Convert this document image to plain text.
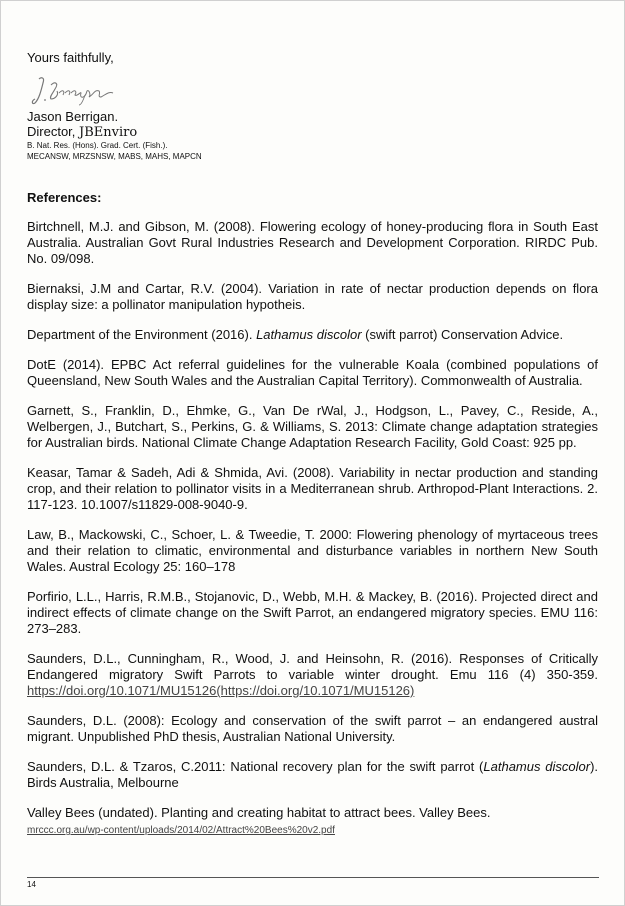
Yours faithfully,

Jason Berrigan.
Director, JBEnviro
B. Nat. Res. (Hons). Grad. Cert. (Fish.).
MECANSW, MRZSNSW, MABS, MAHS, MAPCN
References:

Birtchnell, M.J. and Gibson, M. (2008). Flowering ecology of honey-producing flora in South East Australia. Australian Govt Rural Industries Research and Development Corporation. RIRDC Pub. No. 09/098.

Biernaksi, J.M and Cartar, R.V. (2004). Variation in rate of nectar production depends on flora display size: a pollinator manipulation hypotheis.

Department of the Environment (2016). Lathamus discolor (swift parrot) Conservation Advice.

DotE (2014). EPBC Act referral guidelines for the vulnerable Koala (combined populations of Queensland, New South Wales and the Australian Capital Territory). Commonwealth of Australia.

Garnett, S., Franklin, D., Ehmke, G., Van De rWal, J., Hodgson, L., Pavey, C., Reside, A., Welbergen, J., Butchart, S., Perkins, G. & Williams, S. 2013: Climate change adaptation strategies for Australian birds. National Climate Change Adaptation Research Facility, Gold Coast: 925 pp.

Keasar, Tamar & Sadeh, Adi & Shmida, Avi. (2008). Variability in nectar production and standing crop, and their relation to pollinator visits in a Mediterranean shrub. Arthropod-Plant Interactions. 2. 117-123. 10.1007/s11829-008-9040-9.

Law, B., Mackowski, C., Schoer, L. & Tweedie, T. 2000: Flowering phenology of myrtaceous trees and their relation to climatic, environmental and disturbance variables in northern New South Wales. Austral Ecology 25: 160–178

Porfirio, L.L., Harris, R.M.B., Stojanovic, D., Webb, M.H. & Mackey, B. (2016). Projected direct and indirect effects of climate change on the Swift Parrot, an endangered migratory species. EMU 116: 273–283.

Saunders, D.L., Cunningham, R., Wood, J. and Heinsohn, R. (2016). Responses of Critically Endangered migratory Swift Parrots to variable winter drought. Emu 116 (4) 350-359. https://doi.org/10.1071/MU15126(https://doi.org/10.1071/MU15126)

Saunders, D.L. (2008): Ecology and conservation of the swift parrot – an endangered austral migrant. Unpublished PhD thesis, Australian National University.

Saunders, D.L. & Tzaros, C.2011: National recovery plan for the swift parrot (Lathamus discolor). Birds Australia, Melbourne

Valley Bees (undated). Planting and creating habitat to attract bees. Valley Bees.
mrccc.org.au/wp-content/uploads/2014/02/Attract%20Bees%20v2.pdf

14
